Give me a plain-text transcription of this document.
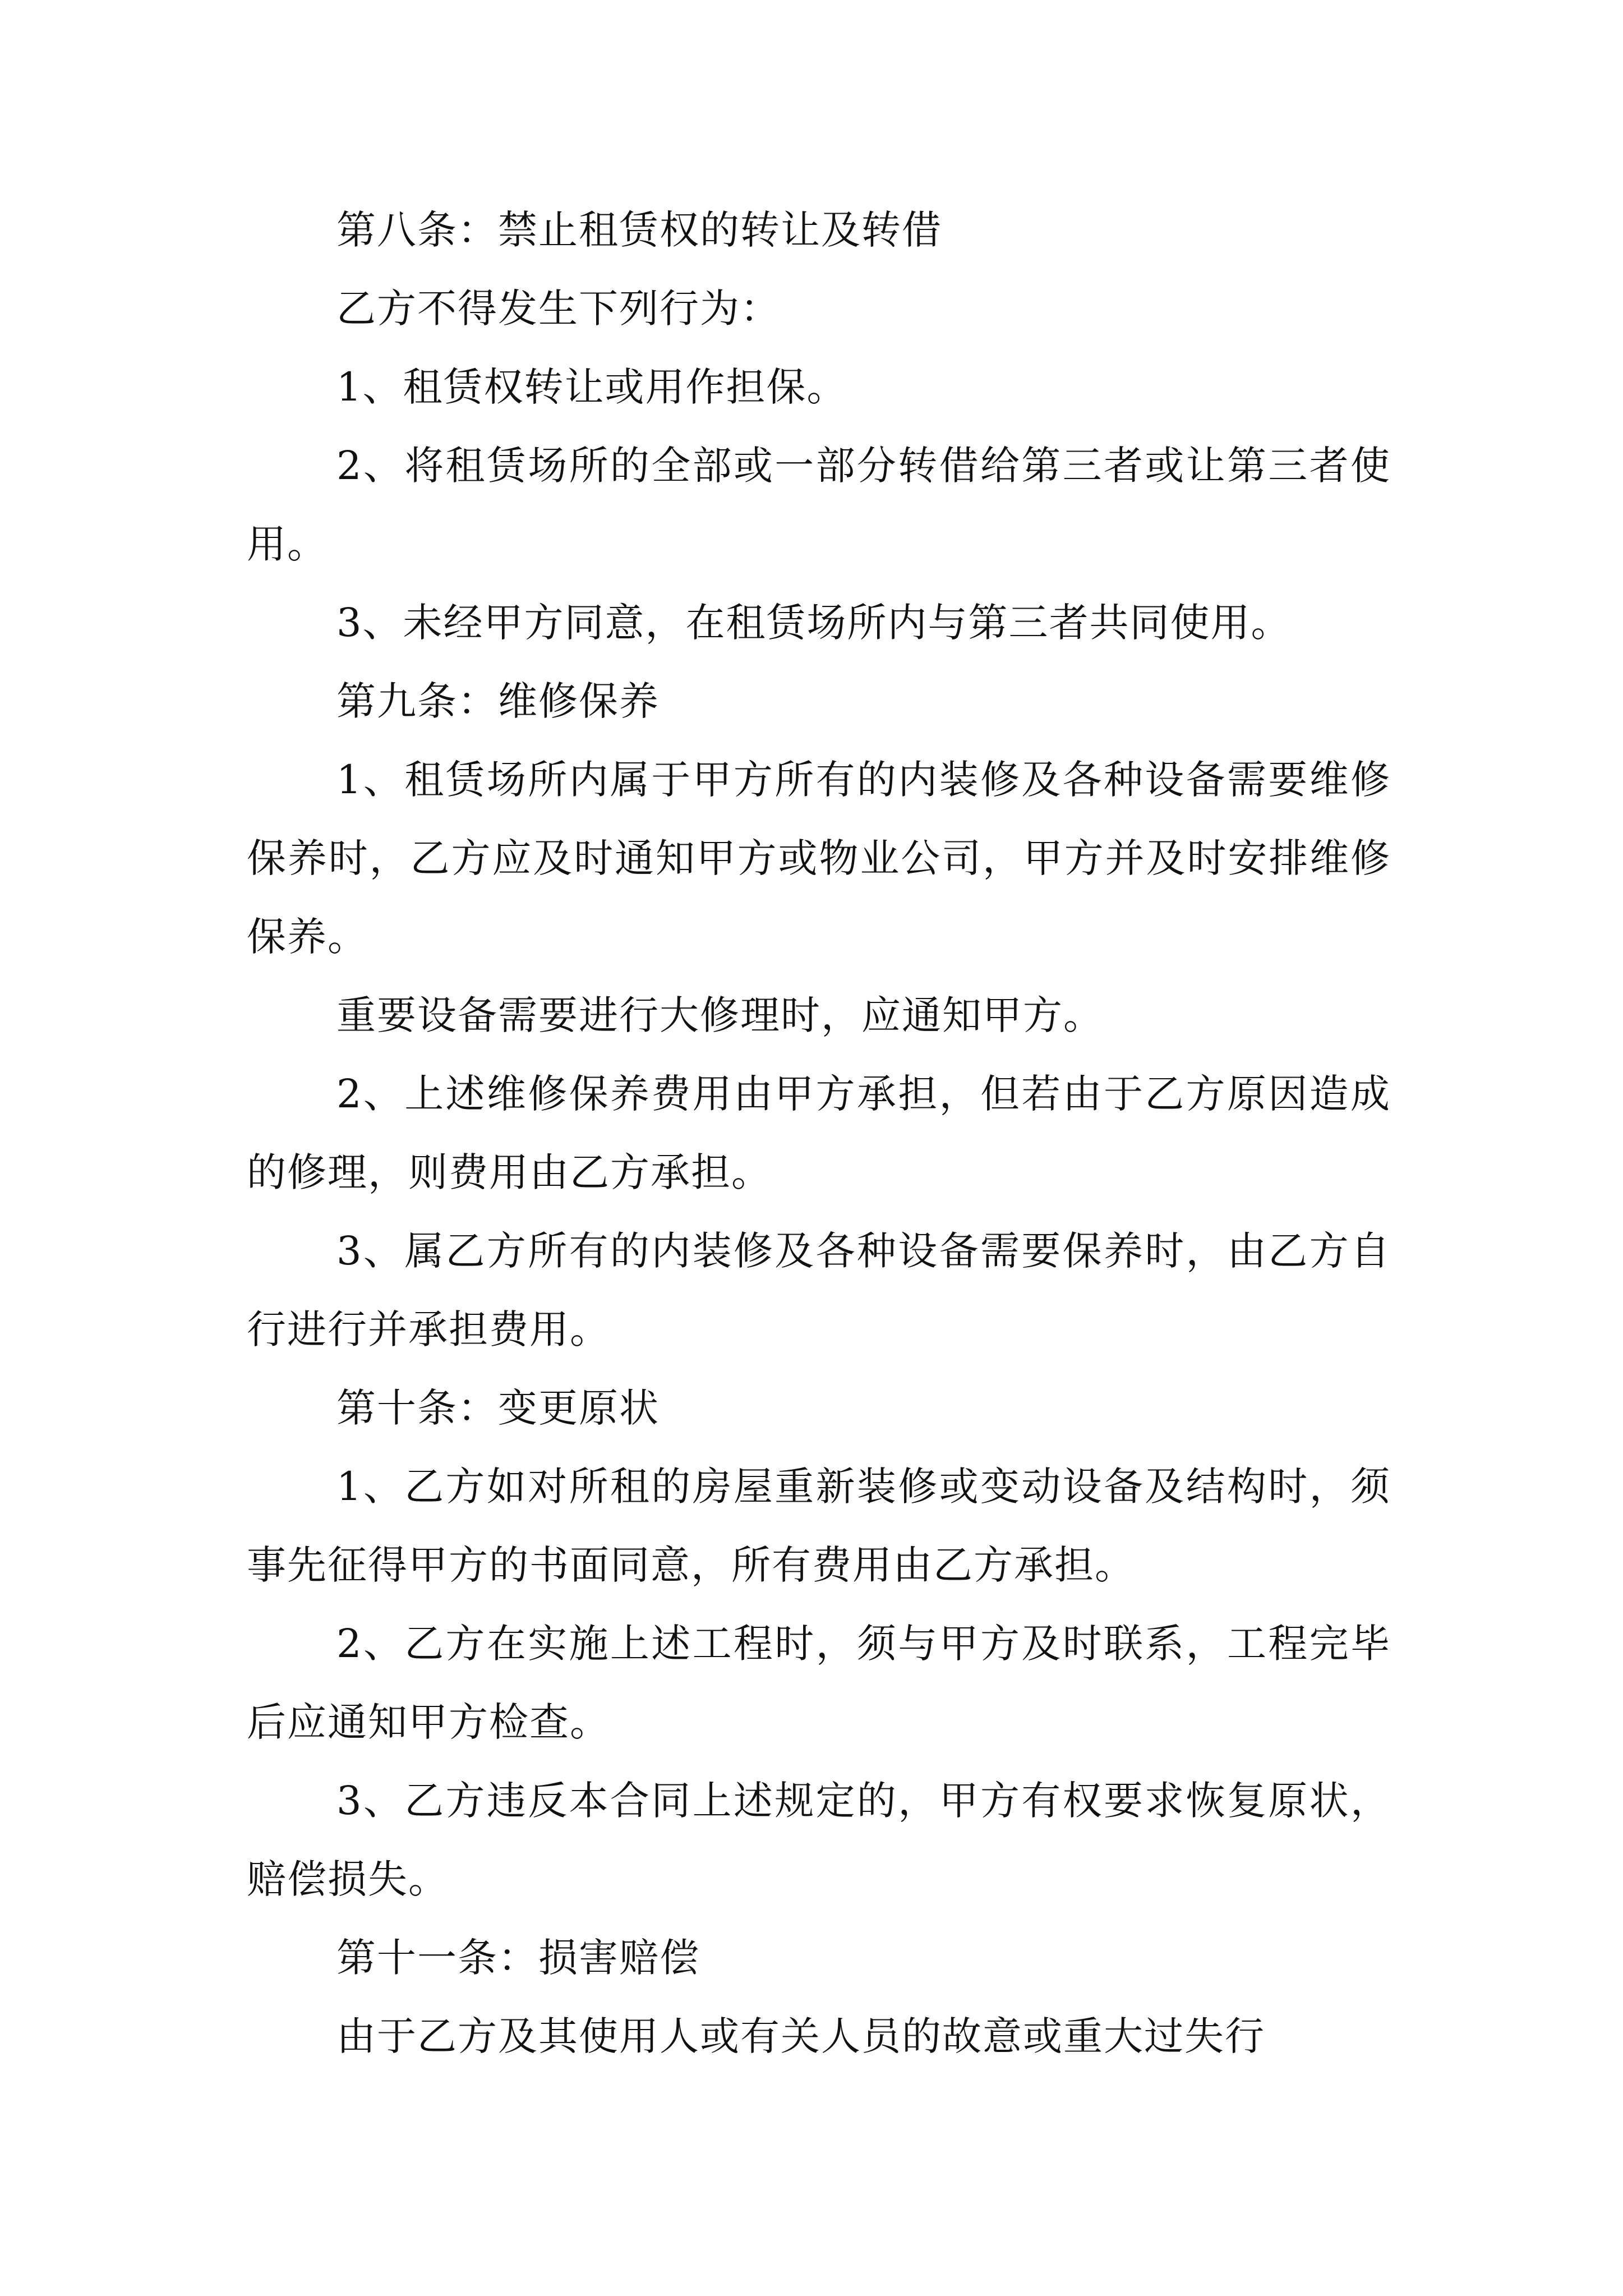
第八条：禁止租赁权的转让及转借

乙方不得发生下列行为：

1、租赁权转让或用作担保。

2、将租赁场所的全部或一部分转借给第三者或让第三者使用。

3、未经甲方同意，在租赁场所内与第三者共同使用。

第九条：维修保养

1、租赁场所内属于甲方所有的内装修及各种设备需要维修保养时，乙方应及时通知甲方或物业公司，甲方并及时安排维修保养。

重要设备需要进行大修理时，应通知甲方。

2、上述维修保养费用由甲方承担，但若由于乙方原因造成的修理，则费用由乙方承担。

3、属乙方所有的内装修及各种设备需要保养时，由乙方自行进行并承担费用。

第十条：变更原状

1、乙方如对所租的房屋重新装修或变动设备及结构时，须事先征得甲方的书面同意，所有费用由乙方承担。

2、乙方在实施上述工程时，须与甲方及时联系，工程完毕后应通知甲方检查。

3、乙方违反本合同上述规定的，甲方有权要求恢复原状，赔偿损失。

第十一条：损害赔偿

由于乙方及其使用人或有关人员的故意或重大过失行
